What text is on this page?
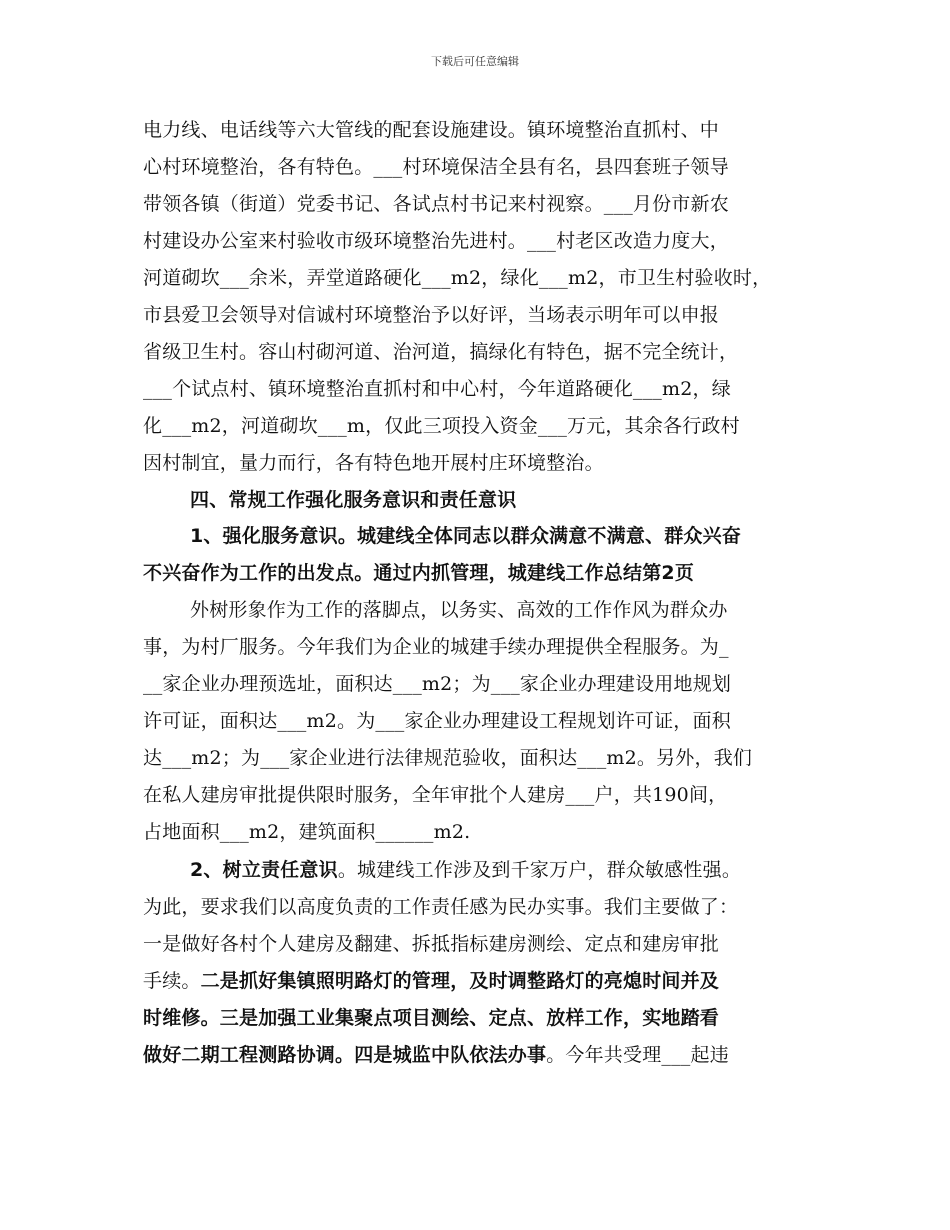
下载后可任意编辑
电力线、电话线等六大管线的配套设施建设。镇环境整治直抓村、中
心村环境整治，各有特色。___村环境保洁全县有名，县四套班子领导
带领各镇（街道）党委书记、各试点村书记来村视察。___月份市新农
村建设办公室来村验收市级环境整治先进村。___村老区改造力度大，
河道砌坎___余米，弄堂道路硬化___m2，绿化___m2，市卫生村验收时，
市县爱卫会领导对信诚村环境整治予以好评，当场表示明年可以申报
省级卫生村。容山村砌河道、治河道，搞绿化有特色，据不完全统计，
___个试点村、镇环境整治直抓村和中心村，今年道路硬化___m2，绿
化___m2，河道砌坎___m，仅此三项投入资金___万元，其余各行政村
因村制宜，量力而行，各有特色地开展村庄环境整治。
四、常规工作强化服务意识和责任意识
1、强化服务意识。城建线全体同志以群众满意不满意、群众兴奋
不兴奋作为工作的出发点。通过内抓管理，城建线工作总结第2页
外树形象作为工作的落脚点，以务实、高效的工作作风为群众办
事，为村厂服务。今年我们为企业的城建手续办理提供全程服务。为_
__家企业办理预选址，面积达___m2；为___家企业办理建设用地规划
许可证，面积达___m2。为___家企业办理建设工程规划许可证，面积
达___m2；为___家企业进行法律规范验收，面积达___m2。另外，我们
在私人建房审批提供限时服务，全年审批个人建房___户，共190间，
占地面积___m2，建筑面积______m2.
2、树立责任意识。城建线工作涉及到千家万户，群众敏感性强。
为此，要求我们以高度负责的工作责任感为民办实事。我们主要做了：
一是做好各村个人建房及翻建、拆抵指标建房测绘、定点和建房审批
手续。二是抓好集镇照明路灯的管理，及时调整路灯的亮熄时间并及
时维修。三是加强工业集聚点项目测绘、定点、放样工作，实地踏看
做好二期工程测路协调。四是城监中队依法办事。今年共受理___起违
